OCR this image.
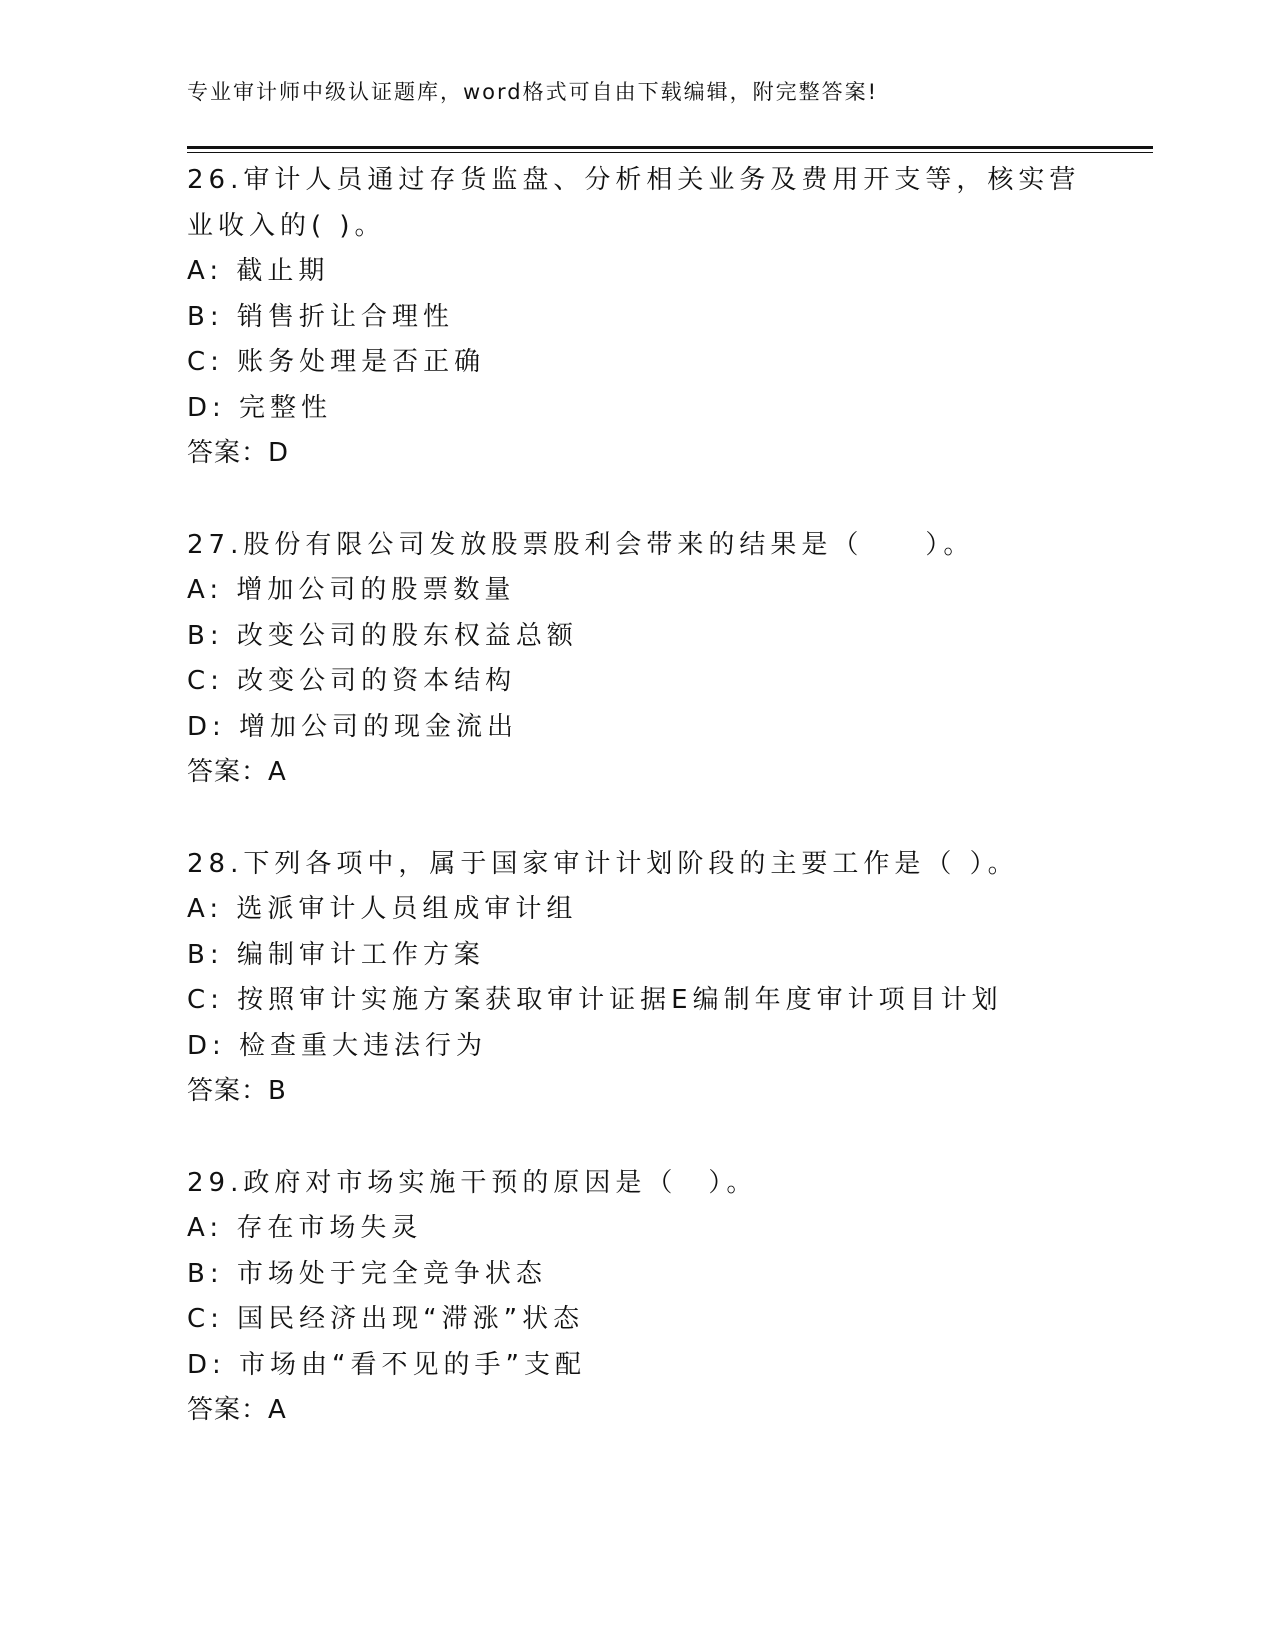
专业审计师中级认证题库，word格式可自由下载编辑，附完整答案!
26.审计人员通过存货监盘、分析相关业务及费用开支等，核实营业收入的( )。
A: 截止期
B: 销售折让合理性
C: 账务处理是否正确
D: 完整性
答案：D
27.股份有限公司发放股票股利会带来的结果是（　　）。
A: 增加公司的股票数量
B: 改变公司的股东权益总额
C: 改变公司的资本结构
D: 增加公司的现金流出
答案：A
28.下列各项中，属于国家审计计划阶段的主要工作是（ ）。
A: 选派审计人员组成审计组
B: 编制审计工作方案
C: 按照审计实施方案获取审计证据E编制年度审计项目计划
D: 检查重大违法行为
答案：B
29.政府对市场实施干预的原因是（　）。
A: 存在市场失灵
B: 市场处于完全竞争状态
C: 国民经济出现“滞涨”状态
D: 市场由“看不见的手”支配
答案：A
